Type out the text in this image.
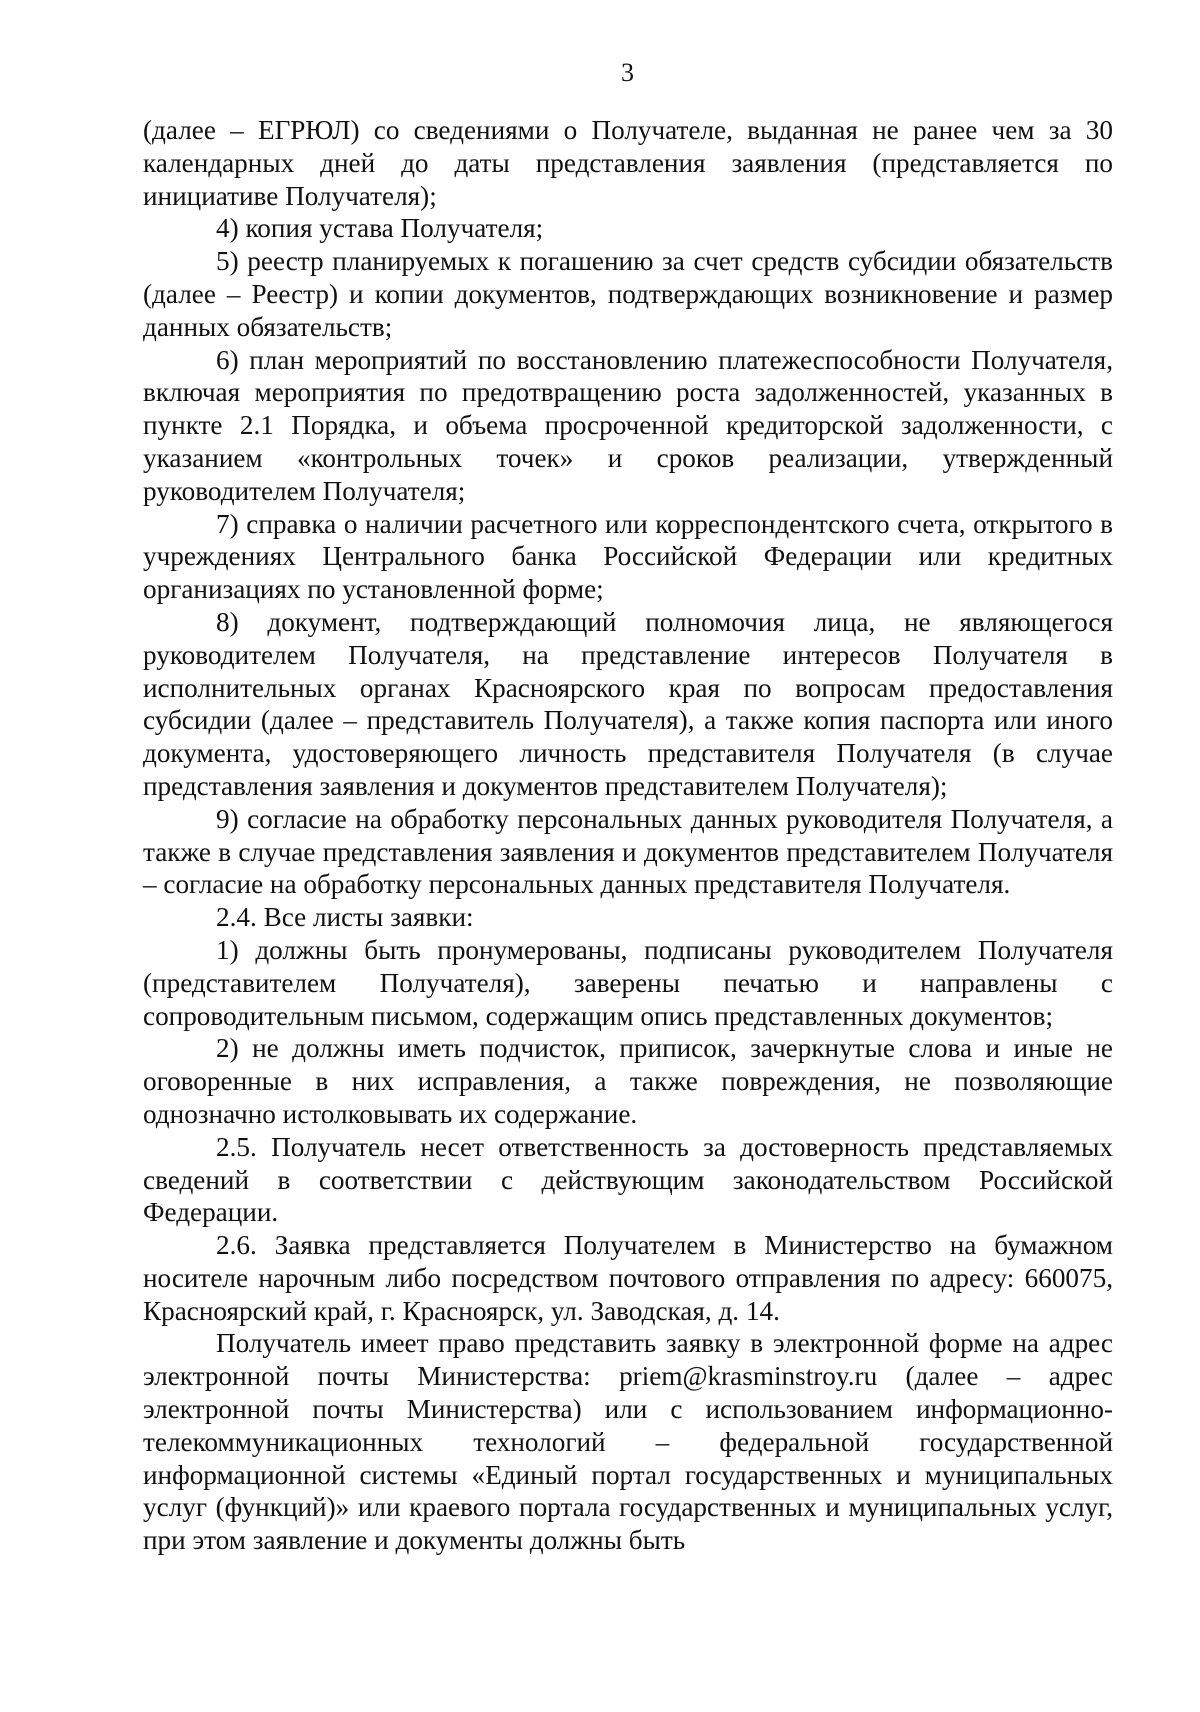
3

(далее – ЕГРЮЛ) со сведениями о Получателе, выданная не ранее чем за 30 календарных дней до даты представления заявления (представляется по инициативе Получателя);

4) копия устава Получателя;

5) реестр планируемых к погашению за счет средств субсидии обязательств (далее – Реестр) и копии документов, подтверждающих возникновение и размер данных обязательств;

6) план мероприятий по восстановлению платежеспособности Получателя, включая мероприятия по предотвращению роста задолженностей, указанных в пункте 2.1 Порядка, и объема просроченной кредиторской задолженности, с указанием «контрольных точек» и сроков реализации, утвержденный руководителем Получателя;

7) справка о наличии расчетного или корреспондентского счета, открытого в учреждениях Центрального банка Российской Федерации или кредитных организациях по установленной форме;

8) документ, подтверждающий полномочия лица, не являющегося руководителем Получателя, на представление интересов Получателя в исполнительных органах Красноярского края по вопросам предоставления субсидии (далее – представитель Получателя), а также копия паспорта или иного документа, удостоверяющего личность представителя Получателя (в случае представления заявления и документов представителем Получателя);

9) согласие на обработку персональных данных руководителя Получателя, а также в случае представления заявления и документов представителем Получателя – согласие на обработку персональных данных представителя Получателя.

2.4. Все листы заявки:

1) должны быть пронумерованы, подписаны руководителем Получателя (представителем Получателя), заверены печатью и направлены с сопроводительным письмом, содержащим опись представленных документов;

2) не должны иметь подчисток, приписок, зачеркнутые слова и иные не оговоренные в них исправления, а также повреждения, не позволяющие однозначно истолковывать их содержание.

2.5. Получатель несет ответственность за достоверность представляемых сведений в соответствии с действующим законодательством Российской Федерации.

2.6. Заявка представляется Получателем в Министерство на бумажном носителе нарочным либо посредством почтового отправления по адресу: 660075, Красноярский край, г. Красноярск, ул. Заводская, д. 14.

Получатель имеет право представить заявку в электронной форме на адрес электронной почты Министерства: priem@krasminstroy.ru (далее – адрес электронной почты Министерства) или с использованием информационно-телекоммуникационных технологий – федеральной государственной информационной системы «Единый портал государственных и муниципальных услуг (функций)» или краевого портала государственных и муниципальных услуг, при этом заявление и документы должны быть
